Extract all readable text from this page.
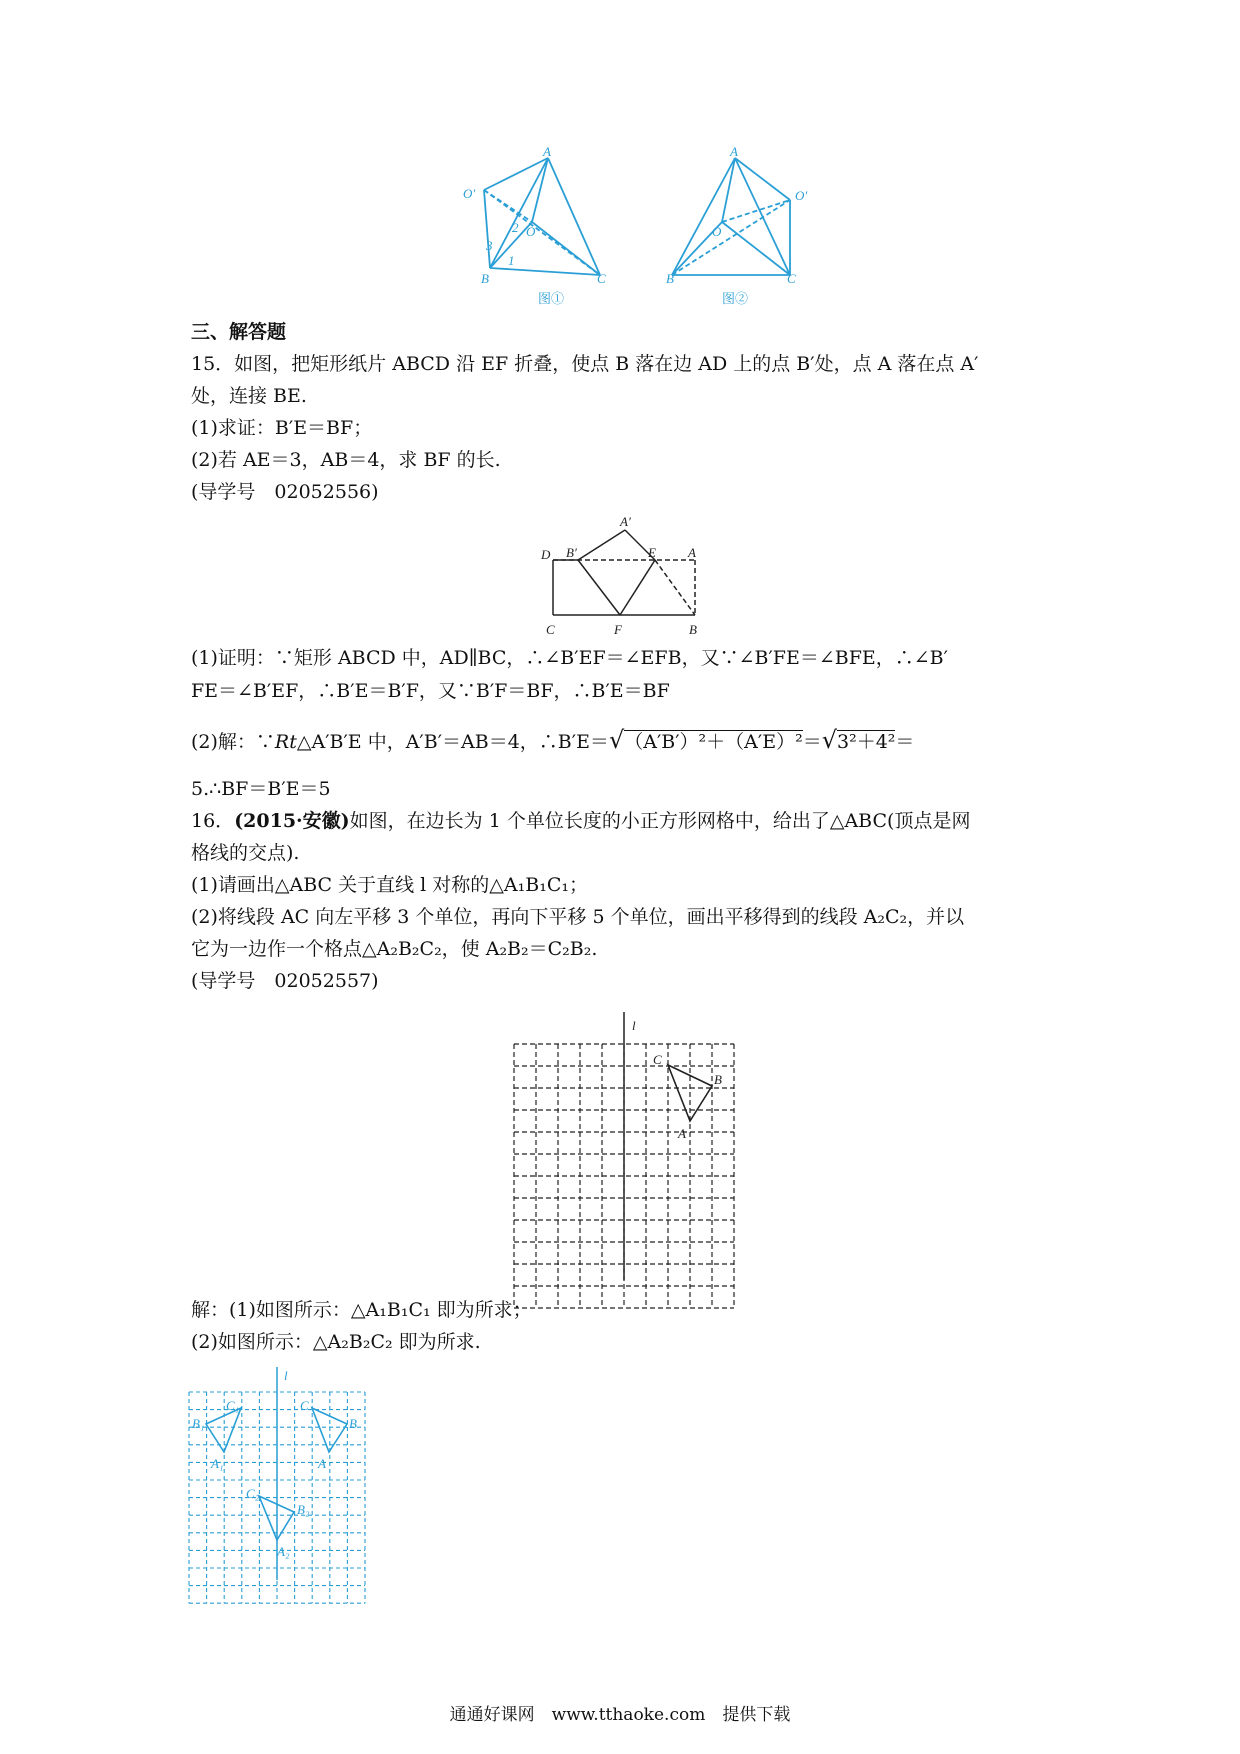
A
O′
O
2
3
1
B	C
图①
A
O′
O
B	C
图②
三、解答题
15．如图，把矩形纸片 ABCD 沿 EF 折叠，使点 B 落在边 AD 上的点 B′处，点 A 落在点 A′
处，连接 BE.
(1)求证：B′E＝BF；
(2)若 AE＝3，AB＝4，求 BF 的长.
(导学号　02052556)
A′
D B′	E A
C	F	B
(1)证明：∵矩形 ABCD 中，AD∥BC，∴∠B′EF＝∠EFB，又∵∠B′FE＝∠BFE，∴∠B′
FE＝∠B′EF，∴B′E＝B′F，又∵B′F＝BF，∴B′E＝BF
(2)解：∵Rt△A′B′E 中，A′B′＝AB＝4，∴B′E＝√（A′B′）²＋（A′E）²＝√3²＋4²＝
5.∴BF＝B′E＝5
16．(2015·安徽)如图，在边长为 1 个单位长度的小正方形网格中，给出了△ABC(顶点是网
格线的交点).
(1)请画出△ABC 关于直线 l 对称的△A₁B₁C₁；
(2)将线段 AC 向左平移 3 个单位，再向下平移 5 个单位，画出平移得到的线段 A₂C₂，并以
它为一边作一个格点△A₂B₂C₂，使 A₂B₂＝C₂B₂.
(导学号　02052557)
l
C
B
A
解：(1)如图所示：△A₁B₁C₁ 即为所求；
(2)如图所示：△A₂B₂C₂ 即为所求.
l
C₁
B₁
A₁
C
B
A
C₂
B₂
A₂
通通好课网　www.tthaoke.com　提供下载
